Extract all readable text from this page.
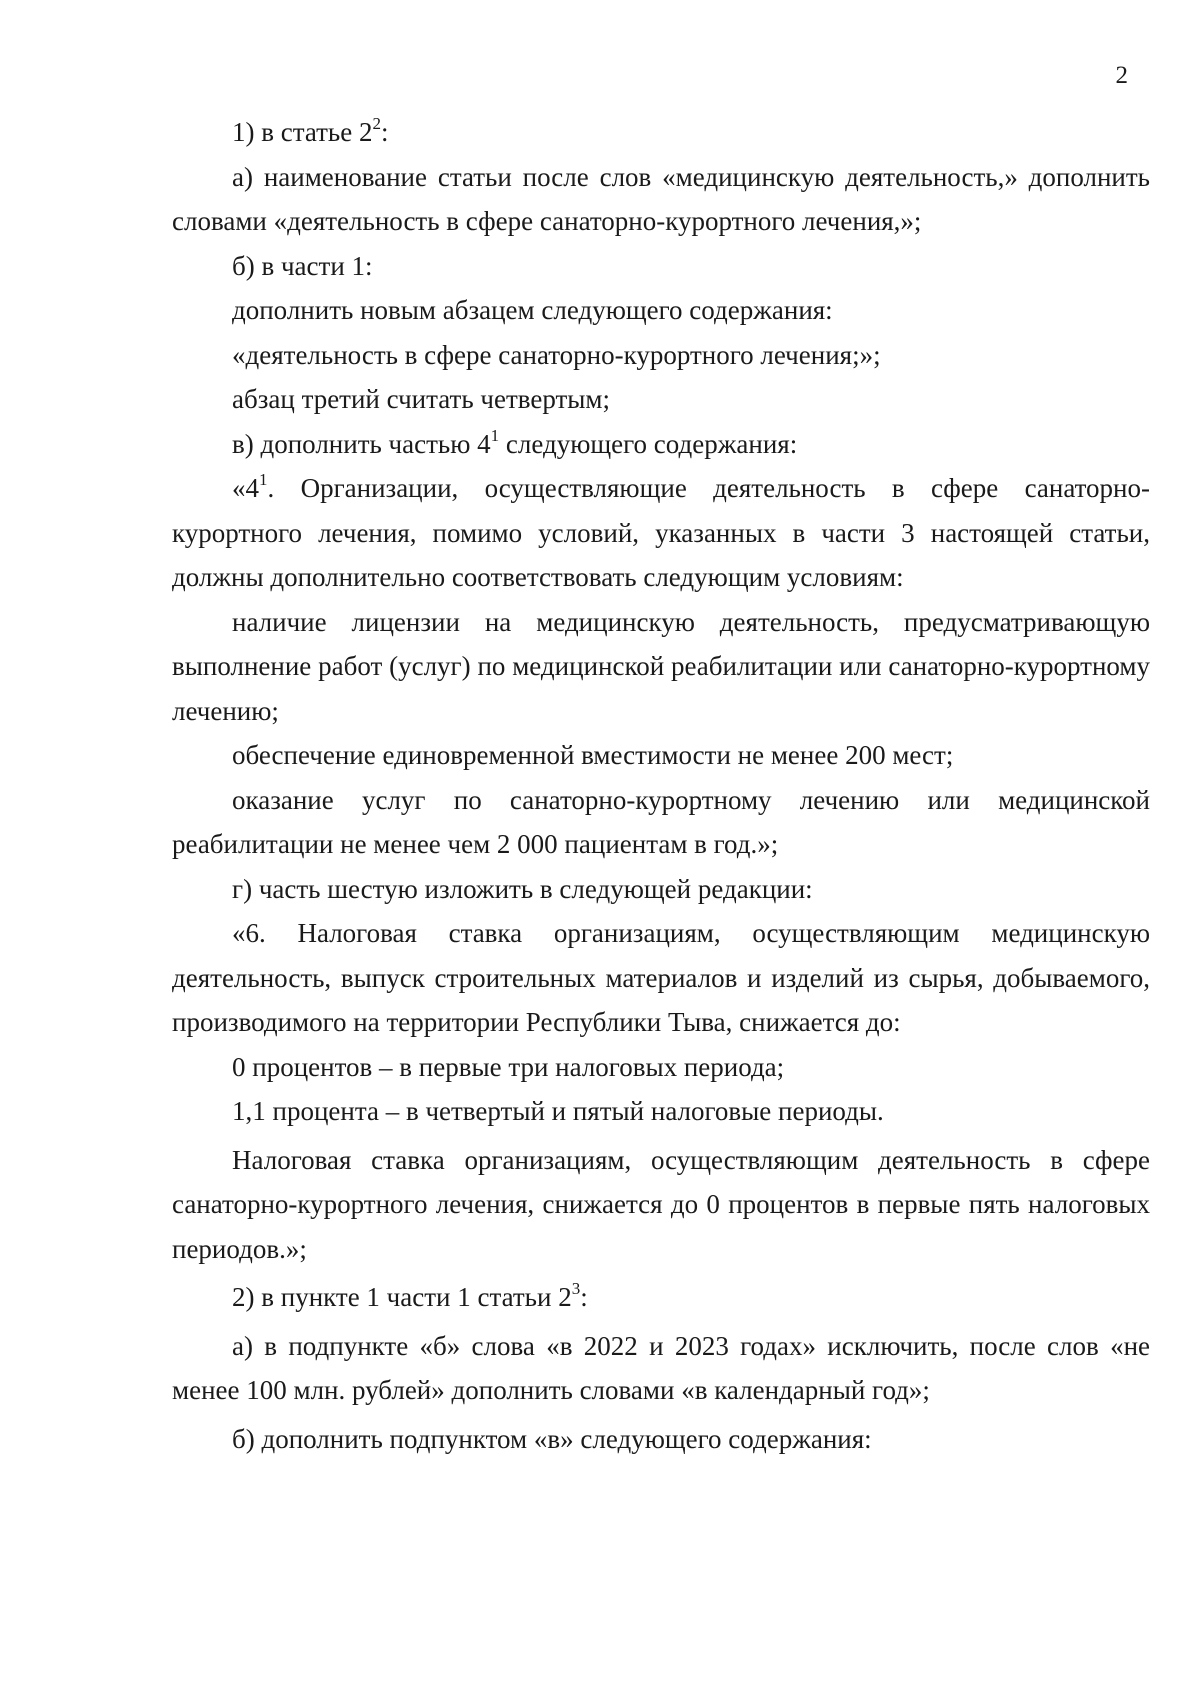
2

1) в статье $2^2$:

а) наименование статьи после слов «медицинскую деятельность,» дополнить словами «деятельность в сфере санаторно-курортного лечения,»;

б) в части 1:

дополнить новым абзацем следующего содержания:

«деятельность в сфере санаторно-курортного лечения;»;

абзац третий считать четвертым;

в) дополнить частью $4^1$ следующего содержания:

«$4^1$. Организации, осуществляющие деятельность в сфере санаторно-курортного лечения, помимо условий, указанных в части 3 настоящей статьи, должны дополнительно соответствовать следующим условиям:

наличие лицензии на медицинскую деятельность, предусматривающую выполнение работ (услуг) по медицинской реабилитации или санаторно-курортному лечению;

обеспечение единовременной вместимости не менее 200 мест;

оказание услуг по санаторно-курортному лечению или медицинской реабилитации не менее чем 2 000 пациентам в год.»;

г) часть шестую изложить в следующей редакции:

«6. Налоговая ставка организациям, осуществляющим медицинскую деятельность, выпуск строительных материалов и изделий из сырья, добываемого, производимого на территории Республики Тыва, снижается до:

0 процентов – в первые три налоговых периода;

1,1 процента – в четвертый и пятый налоговые периоды.

Налоговая ставка организациям, осуществляющим деятельность в сфере санаторно-курортного лечения, снижается до 0 процентов в первые пять налоговых периодов.»;

2) в пункте 1 части 1 статьи $2^3$:

а) в подпункте «б» слова «в 2022 и 2023 годах» исключить, после слов «не менее 100 млн. рублей» дополнить словами «в календарный год»;

б) дополнить подпунктом «в» следующего содержания:
